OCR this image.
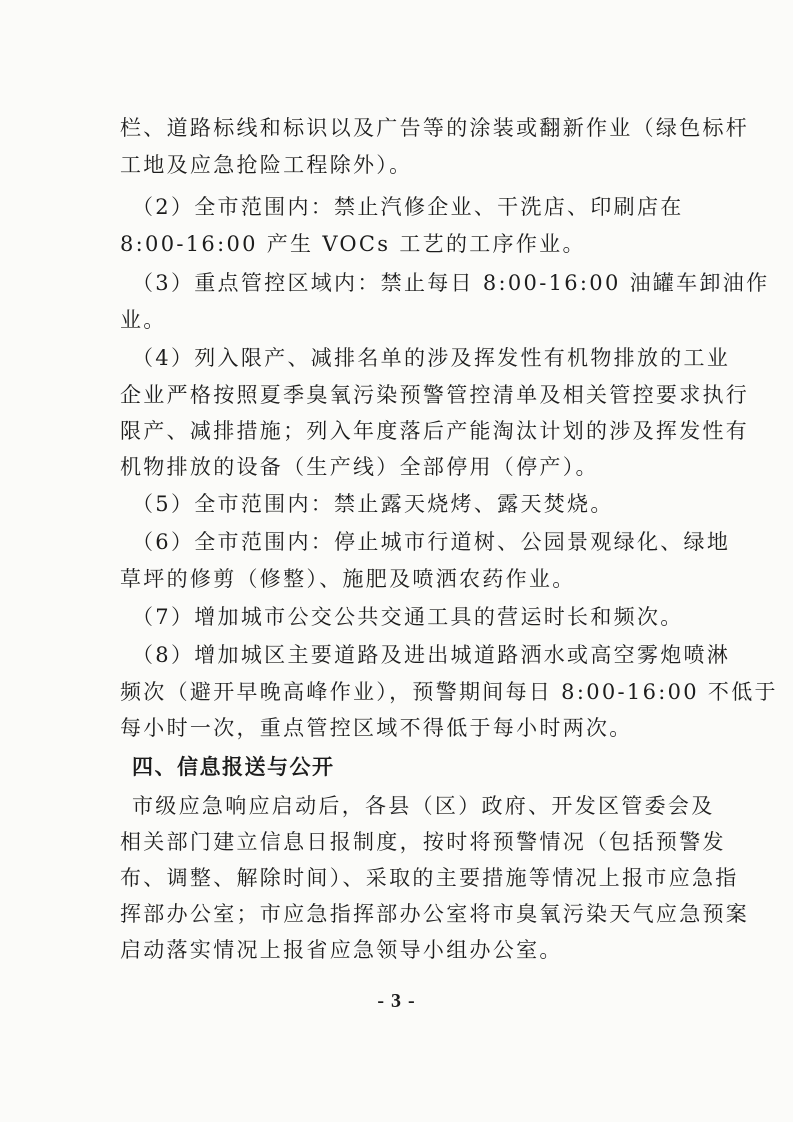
栏、道路标线和标识以及广告等的涂装或翻新作业（绿色标杆
工地及应急抢险工程除外）。
（2）全市范围内：禁止汽修企业、干洗店、印刷店在
8:00-16:00 产生 VOCs 工艺的工序作业。
（3）重点管控区域内：禁止每日 8:00-16:00 油罐车卸油作
业。
（4）列入限产、减排名单的涉及挥发性有机物排放的工业
企业严格按照夏季臭氧污染预警管控清单及相关管控要求执行
限产、减排措施；列入年度落后产能淘汰计划的涉及挥发性有
机物排放的设备（生产线）全部停用（停产）。
（5）全市范围内：禁止露天烧烤、露天焚烧。
（6）全市范围内：停止城市行道树、公园景观绿化、绿地
草坪的修剪（修整）、施肥及喷洒农药作业。
（7）增加城市公交公共交通工具的营运时长和频次。
（8）增加城区主要道路及进出城道路洒水或高空雾炮喷淋
频次（避开早晚高峰作业），预警期间每日 8:00-16:00 不低于
每小时一次，重点管控区域不得低于每小时两次。
四、信息报送与公开
市级应急响应启动后，各县（区）政府、开发区管委会及
相关部门建立信息日报制度，按时将预警情况（包括预警发
布、调整、解除时间）、采取的主要措施等情况上报市应急指
挥部办公室；市应急指挥部办公室将市臭氧污染天气应急预案
启动落实情况上报省应急领导小组办公室。
- 3 -
